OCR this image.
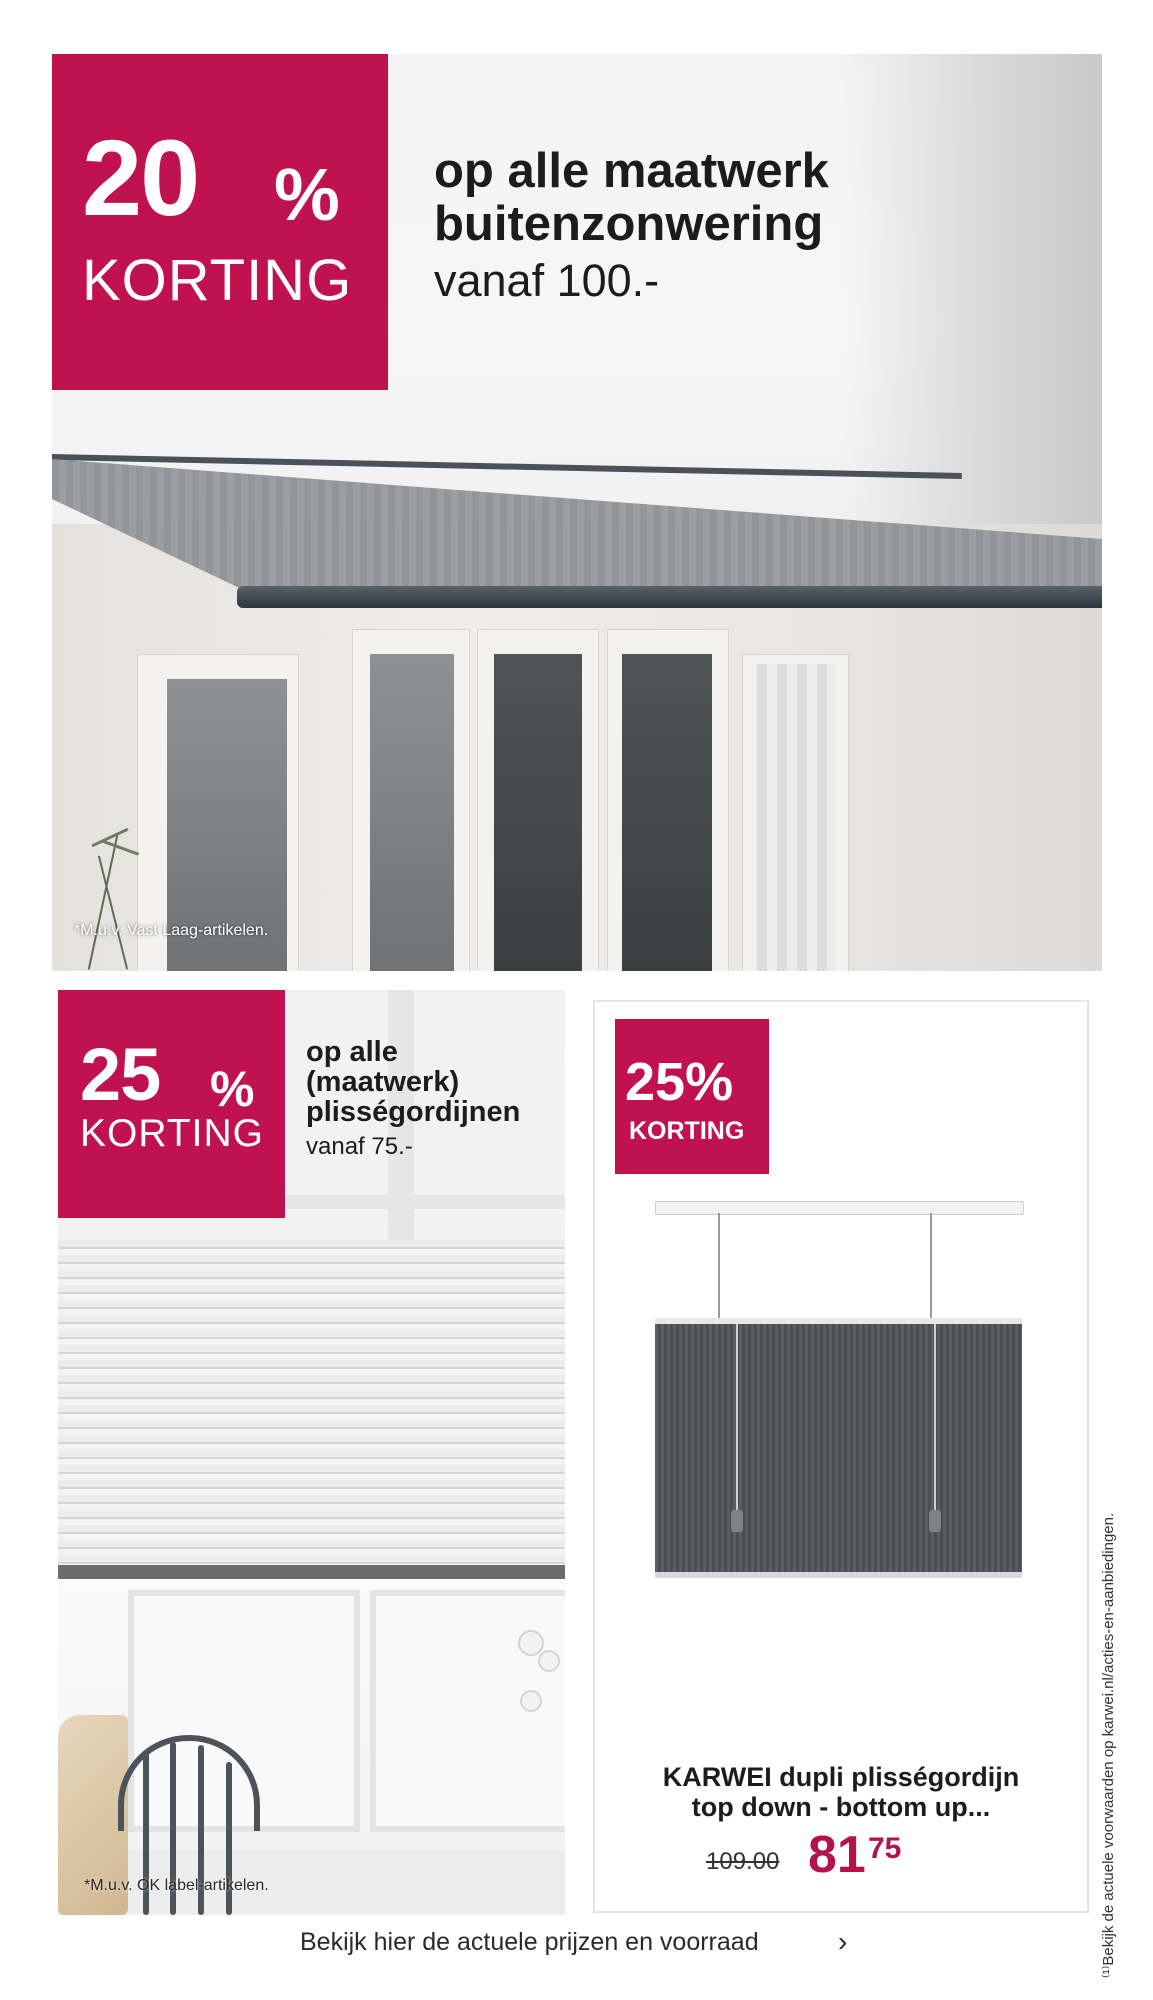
20 %
KORTING
op alle maatwerk
buitenzonwering
vanaf 100.-
*M.u.v. Vast Laag-artikelen.
25 %
KORTING
op alle
(maatwerk)
plisségordijnen
vanaf 75.-
*M.u.v. OK label-artikelen.
25%
KORTING
KARWEI dupli plisségordijn
top down - bottom up...
109.00 81 75	⁽¹⁾Bekijk de actuele voorwaarden op karwei.nl/acties-en-aanbiedingen.
Bekijk hier de actuele prijzen en voorraad	›
